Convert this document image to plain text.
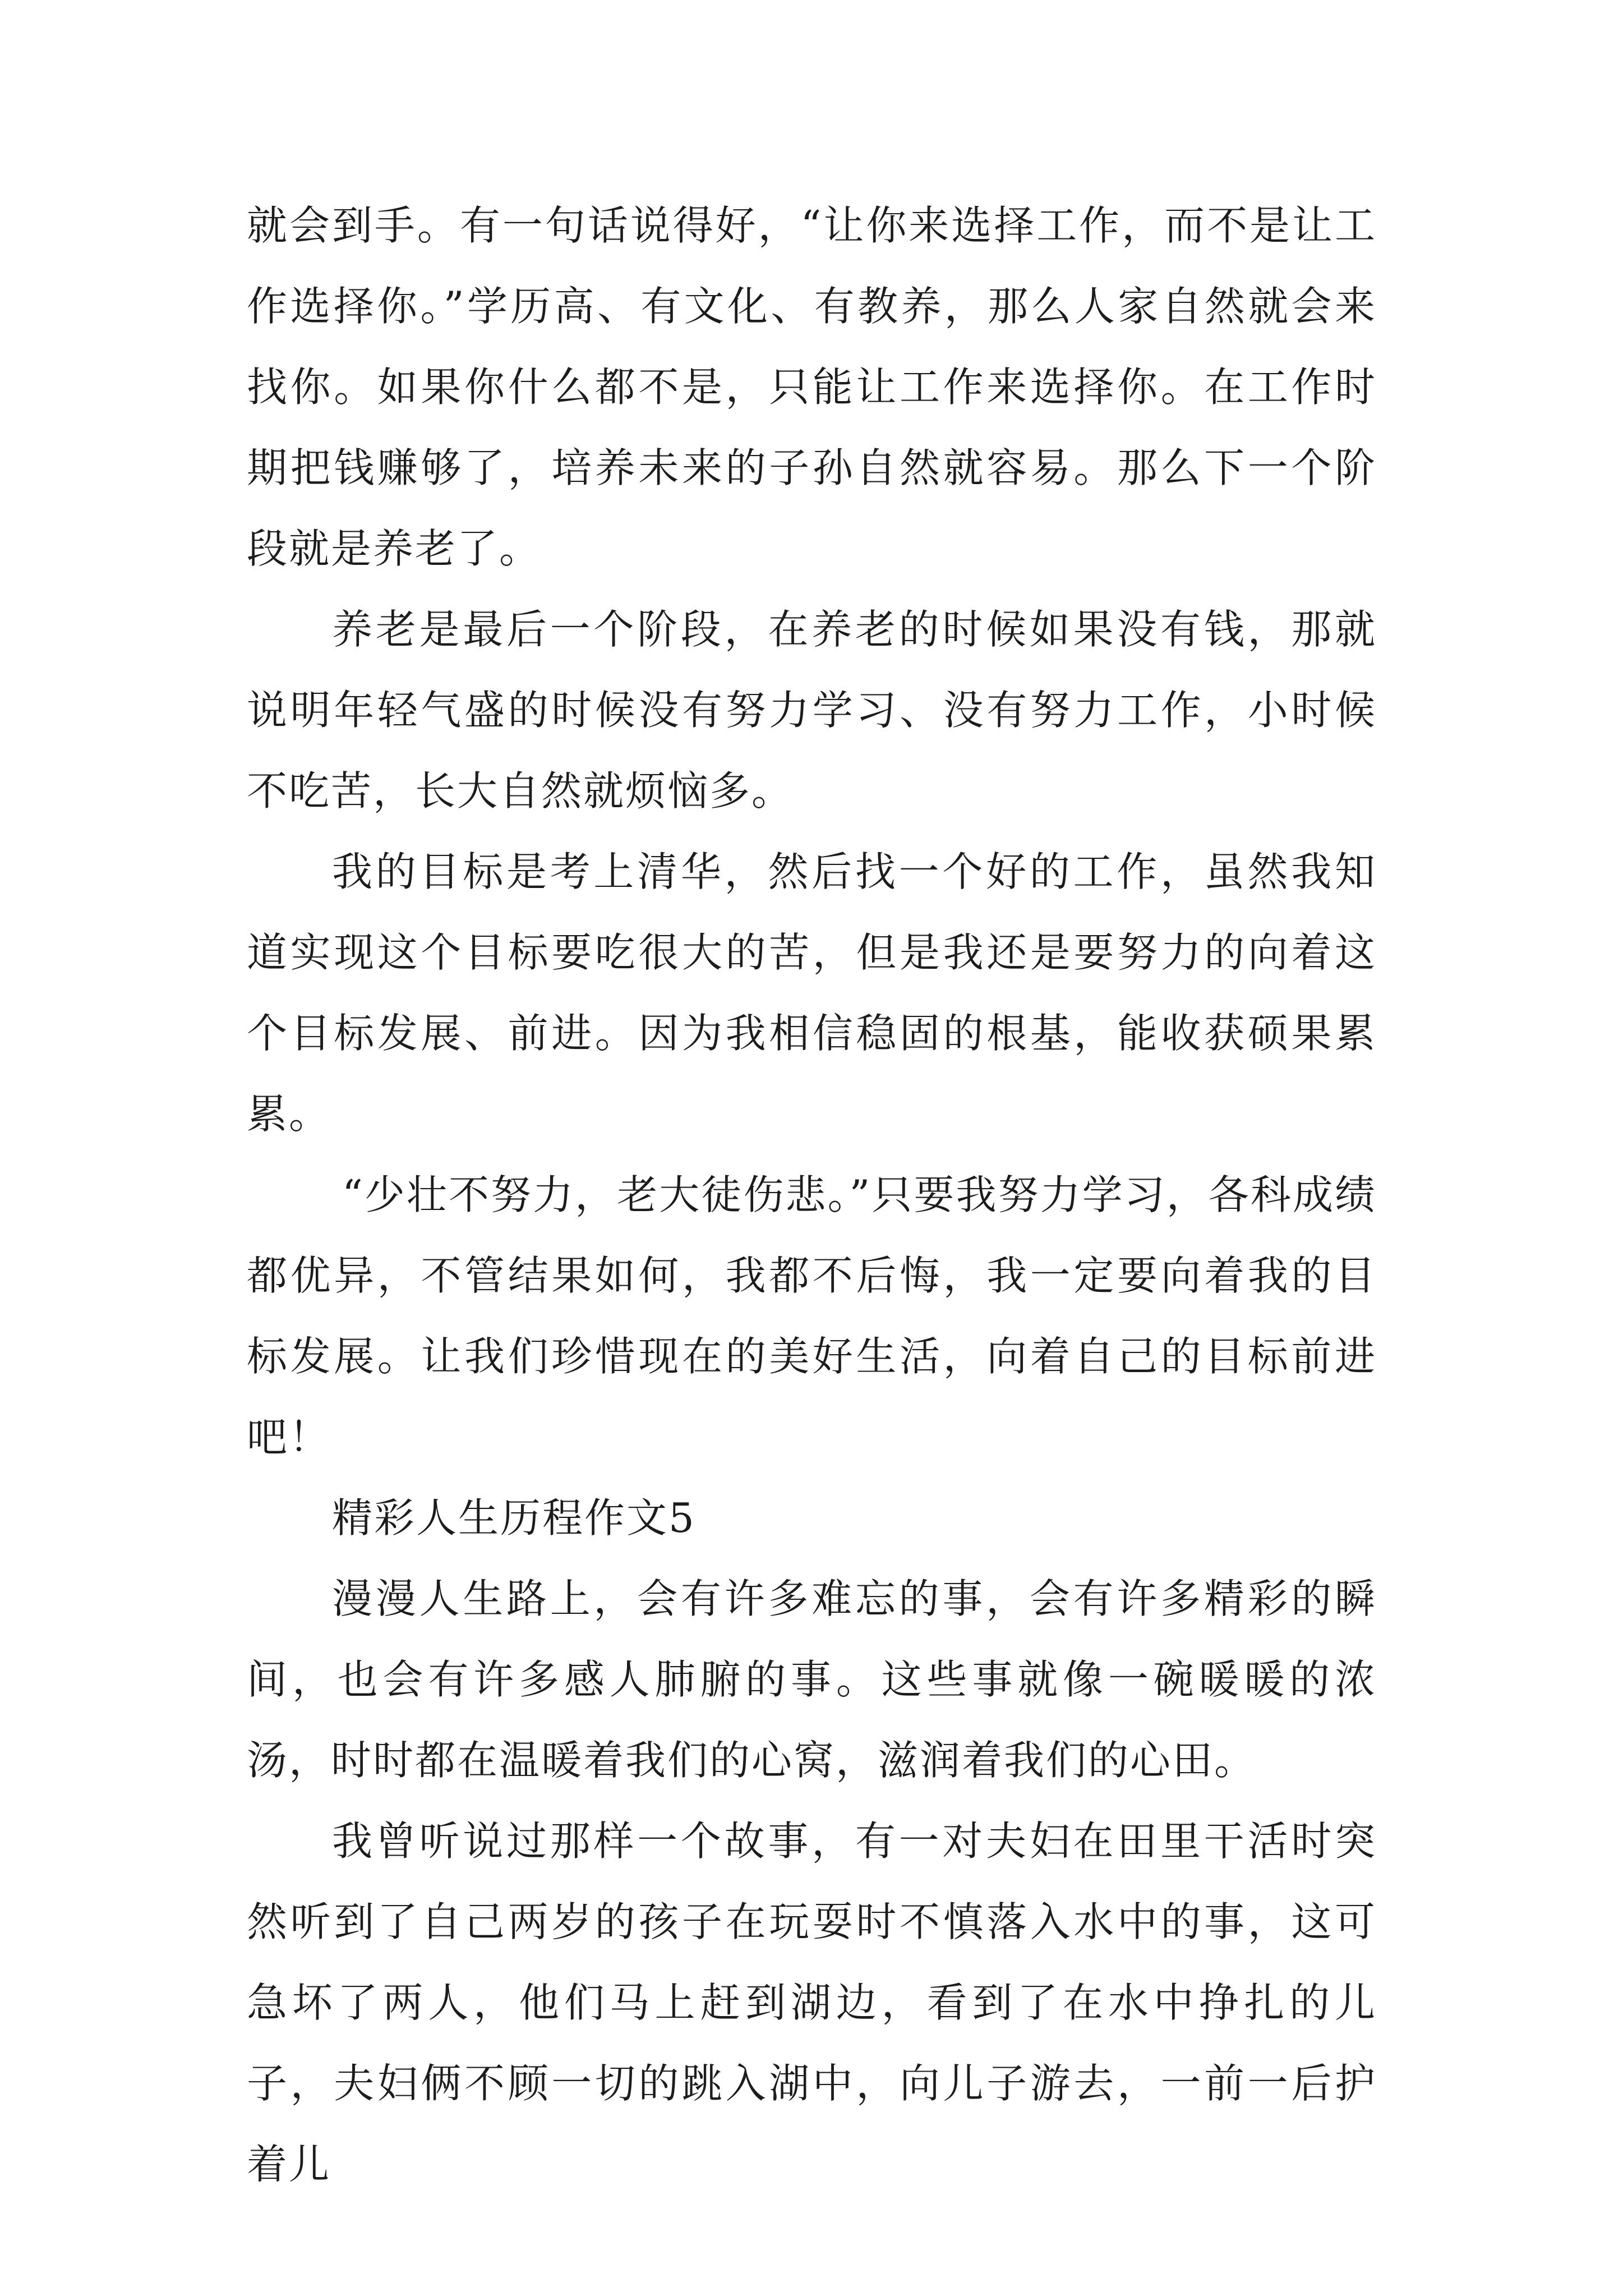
就会到手。有一句话说得好，“让你来选择工作，而不是让工作选择你。”学历高、有文化、有教养，那么人家自然就会来找你。如果你什么都不是，只能让工作来选择你。在工作时期把钱赚够了，培养未来的子孙自然就容易。那么下一个阶段就是养老了。

养老是最后一个阶段，在养老的时候如果没有钱，那就说明年轻气盛的时候没有努力学习、没有努力工作，小时候不吃苦，长大自然就烦恼多。

我的目标是考上清华，然后找一个好的工作，虽然我知道实现这个目标要吃很大的苦，但是我还是要努力的向着这个目标发展、前进。因为我相信稳固的根基，能收获硕果累累。

“少壮不努力，老大徒伤悲。”只要我努力学习，各科成绩都优异，不管结果如何，我都不后悔，我一定要向着我的目标发展。让我们珍惜现在的美好生活，向着自己的目标前进吧！

精彩人生历程作文5

漫漫人生路上，会有许多难忘的事，会有许多精彩的瞬间，也会有许多感人肺腑的事。这些事就像一碗暖暖的浓汤，时时都在温暖着我们的心窝，滋润着我们的心田。

我曾听说过那样一个故事，有一对夫妇在田里干活时突然听到了自己两岁的孩子在玩耍时不慎落入水中的事，这可急坏了两人，他们马上赶到湖边，看到了在水中挣扎的儿子，夫妇俩不顾一切的跳入湖中，向儿子游去，一前一后护着儿
